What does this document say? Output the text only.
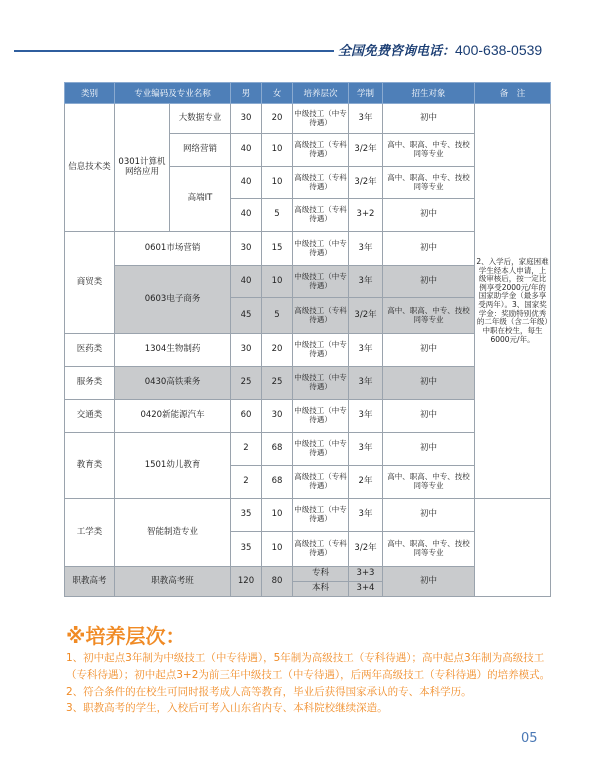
全国免费咨询电话：400-638-0539
类别	专业编码及专业名称		男	女	培养层次	学制	招生对象	备　注
信息技术类	0301计算机网络应用	大数据专业	30	20	中级技工（中专待遇）	3年	初中	2、入学后，家庭困难学生经本人申请，上级审核后，按一定比例享受2000元/年的国家助学金（最多享受两年）。3、国家奖学金：奖励特别优秀的二年级（含二年级）中职在校生，每生6000元/年。
		网络营销	40	10	高级技工（专科待遇）	3/2年	高中、职高、中专、技校同等专业	
		高端IT	40	10	高级技工（专科待遇）	3/2年	高中、职高、中专、技校同等专业	
			40	5	高级技工（专科待遇）	3+2	初中	
商贸类	0601市场营销		30	15	中级技工（中专待遇）	3年	初中	
	0603电子商务		40	10	中级技工（中专待遇）	3年	初中	
			45	5	高级技工（专科待遇）	3/2年	高中、职高、中专、技校同等专业	
医药类	1304生物制药		30	20	中级技工（中专待遇）	3年	初中	
服务类	0430高铁乘务		25	25	中级技工（中专待遇）	3年	初中	
交通类	0420新能源汽车		60	30	中级技工（中专待遇）	3年	初中	
教育类	1501幼儿教育		2	68	中级技工（中专待遇）	3年	初中	
			2	68	高级技工（专科待遇）	2年	高中、职高、中专、技校同等专业	
工学类	智能制造专业		35	10	中级技工（中专待遇）	3年	初中	
			35	10	高级技工（专科待遇）	3/2年	高中、职高、中专、技校同等专业	
职教高考	职教高考班		120	80	专科	3+3	初中	
					本科	3+4		
※培养层次：

1、初中起点3年制为中级技工（中专待遇），5年制为高级技工（专科待遇）；高中起点3年制为高级技工（专科待遇）；初中起点3+2为前三年中级技工（中专待遇），后两年高级技工（专科待遇）的培养模式。

2、符合条件的在校生可同时报考成人高等教育，毕业后获得国家承认的专、本科学历。

3、职教高考的学生，入校后可考入山东省内专、本科院校继续深造。

05
